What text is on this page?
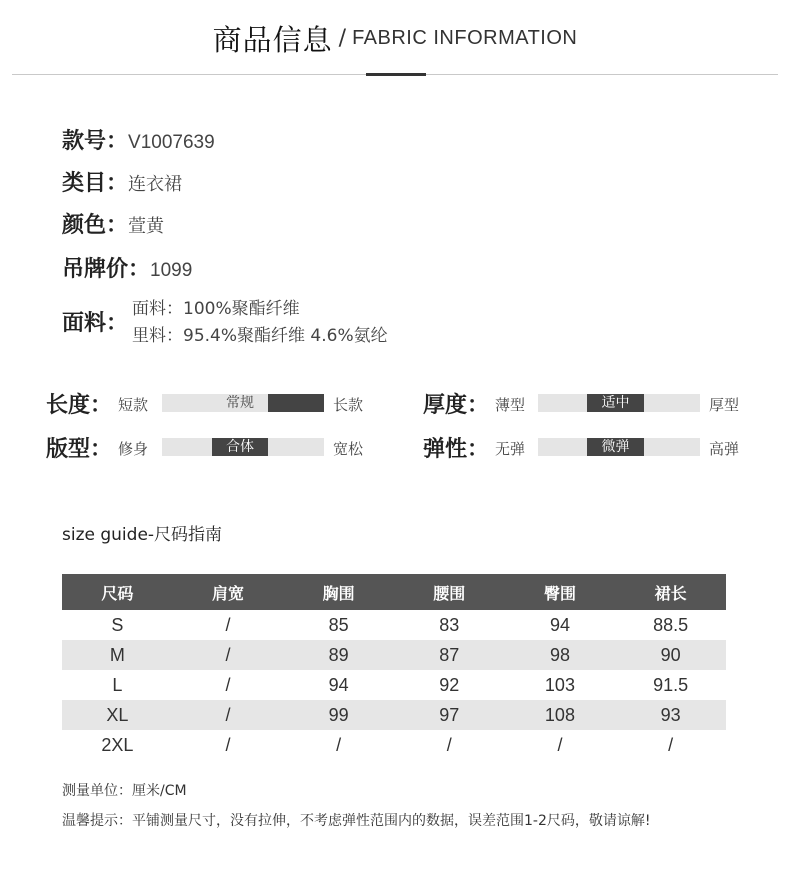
商品信息 / FABRIC INFORMATION
款号：V1007639
类目：连衣裙
颜色：萱黄
吊牌价：1099
面料：
面料：100%聚酯纤维
里料：95.4%聚酯纤维 4.6%氨纶
长度： 短款	常规	长款	厚度： 薄型	适中	厚型
版型： 修身	合体	宽松	弹性： 无弹	微弹	高弹
size guide-尺码指南
尺码	肩宽	胸围	腰围	臀围	裙长
S	/	85	83	94	88.5
M	/	89	87	98	90
L	/	94	92	103	91.5
XL	/	99	97	108	93
2XL	/	/	/	/	/
测量单位：厘米/CM
温馨提示：平铺测量尺寸，没有拉伸，不考虑弹性范围内的数据，误差范围1-2尺码，敬请谅解!
